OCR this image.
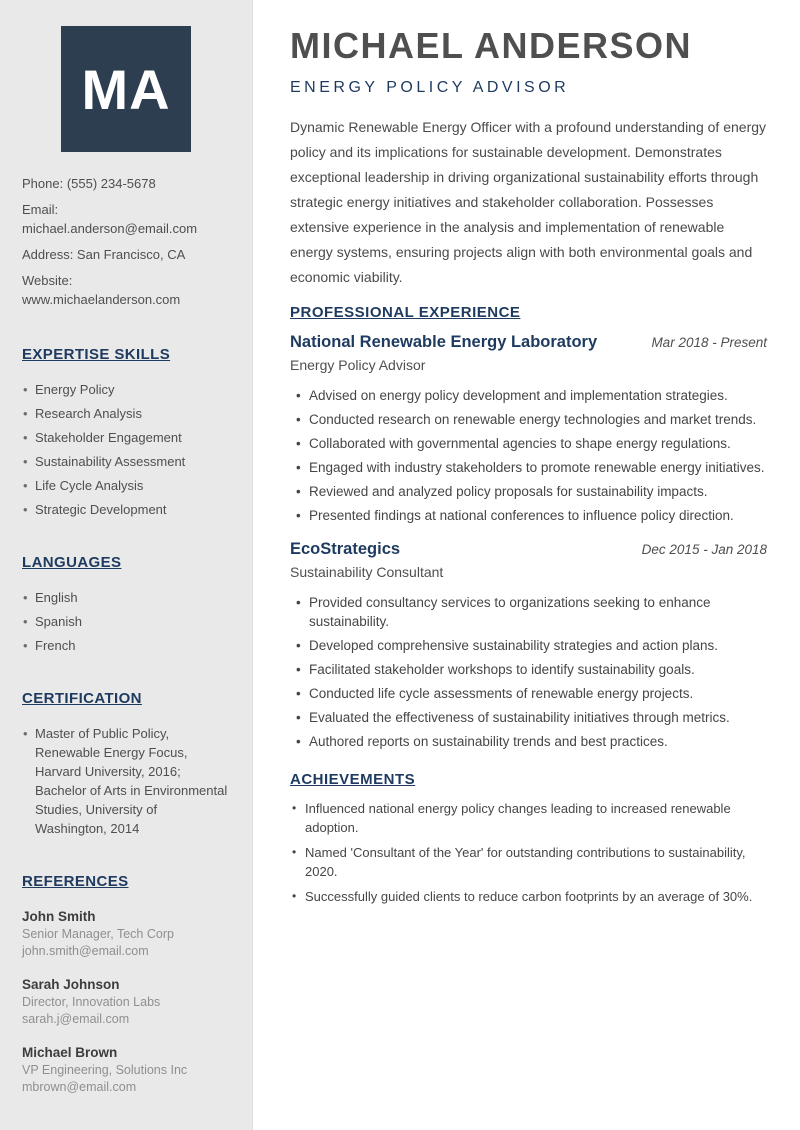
MA

Phone: (555) 234-5678

Email: michael.anderson@email.com

Address: San Francisco, CA

Website: www.michaelanderson.com

EXPERTISE SKILLS
• Energy Policy
• Research Analysis
• Stakeholder Engagement
• Sustainability Assessment
• Life Cycle Analysis
• Strategic Development
LANGUAGES
• English
• Spanish
• French
CERTIFICATION
• Master of Public Policy, Renewable Energy Focus, Harvard University, 2016; Bachelor of Arts in Environmental Studies, University of Washington, 2014
REFERENCES

John Smith

Senior Manager, Tech Corp

john.smith@email.com

Sarah Johnson

Director, Innovation Labs

sarah.j@email.com

Michael Brown

VP Engineering, Solutions Inc

mbrown@email.com

MICHAEL ANDERSON
ENERGY POLICY ADVISOR

Dynamic Renewable Energy Officer with a profound understanding of energy policy and its implications for sustainable development. Demonstrates exceptional leadership in driving organizational sustainability efforts through strategic energy initiatives and stakeholder collaboration. Possesses extensive experience in the analysis and implementation of renewable energy systems, ensuring projects align with both environmental goals and economic viability.

PROFESSIONAL EXPERIENCE
National Renewable Energy Laboratory	Mar 2018 - Present
Energy Policy Advisor
• Advised on energy policy development and implementation strategies.
• Conducted research on renewable energy technologies and market trends.
• Collaborated with governmental agencies to shape energy regulations.
• Engaged with industry stakeholders to promote renewable energy initiatives.
• Reviewed and analyzed policy proposals for sustainability impacts.
• Presented findings at national conferences to influence policy direction.
EcoStrategics	Dec 2015 - Jan 2018
Sustainability Consultant
• Provided consultancy services to organizations seeking to enhance sustainability.
• Developed comprehensive sustainability strategies and action plans.
• Facilitated stakeholder workshops to identify sustainability goals.
• Conducted life cycle assessments of renewable energy projects.
• Evaluated the effectiveness of sustainability initiatives through metrics.
• Authored reports on sustainability trends and best practices.
ACHIEVEMENTS
• Influenced national energy policy changes leading to increased renewable adoption.
• Named 'Consultant of the Year' for outstanding contributions to sustainability, 2020.
• Successfully guided clients to reduce carbon footprints by an average of 30%.
